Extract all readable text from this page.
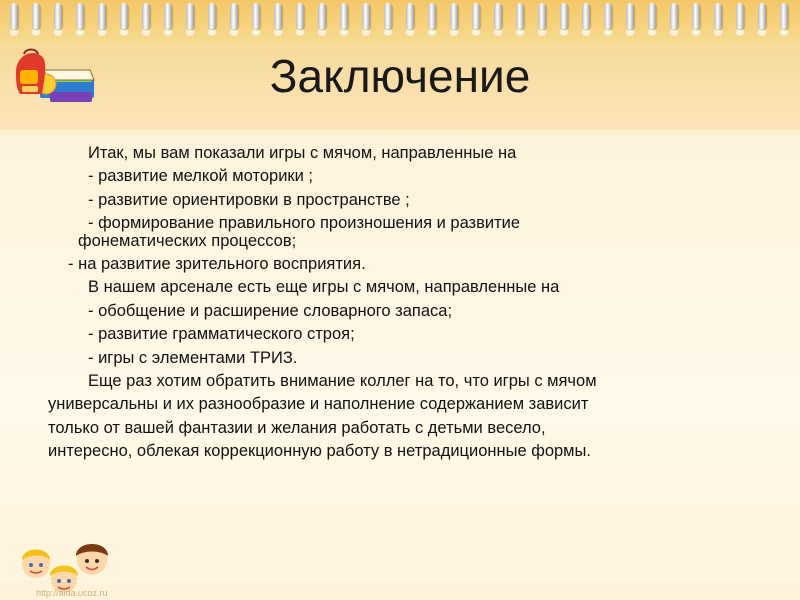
Заключение
Итак, мы вам показали игры с мячом, направленные на
- развитие мелкой моторики ;
- развитие ориентировки в пространстве ;
- формирование правильного произношения и развитие
фонематических процессов;
- на развитие зрительного восприятия.
В нашем арсенале есть еще игры с мячом, направленные на
- обобщение и расширение словарного запаса;
- развитие грамматического строя;
- игры с элементами ТРИЗ.
Еще раз хотим обратить внимание коллег на то, что игры с мячом
универсальны и их разнообразие и наполнение содержанием зависит
только от вашей фантазии и желания работать с детьми весело,
интересно, облекая коррекционную работу в нетрадиционные формы.
http://aida.ucoz.ru
